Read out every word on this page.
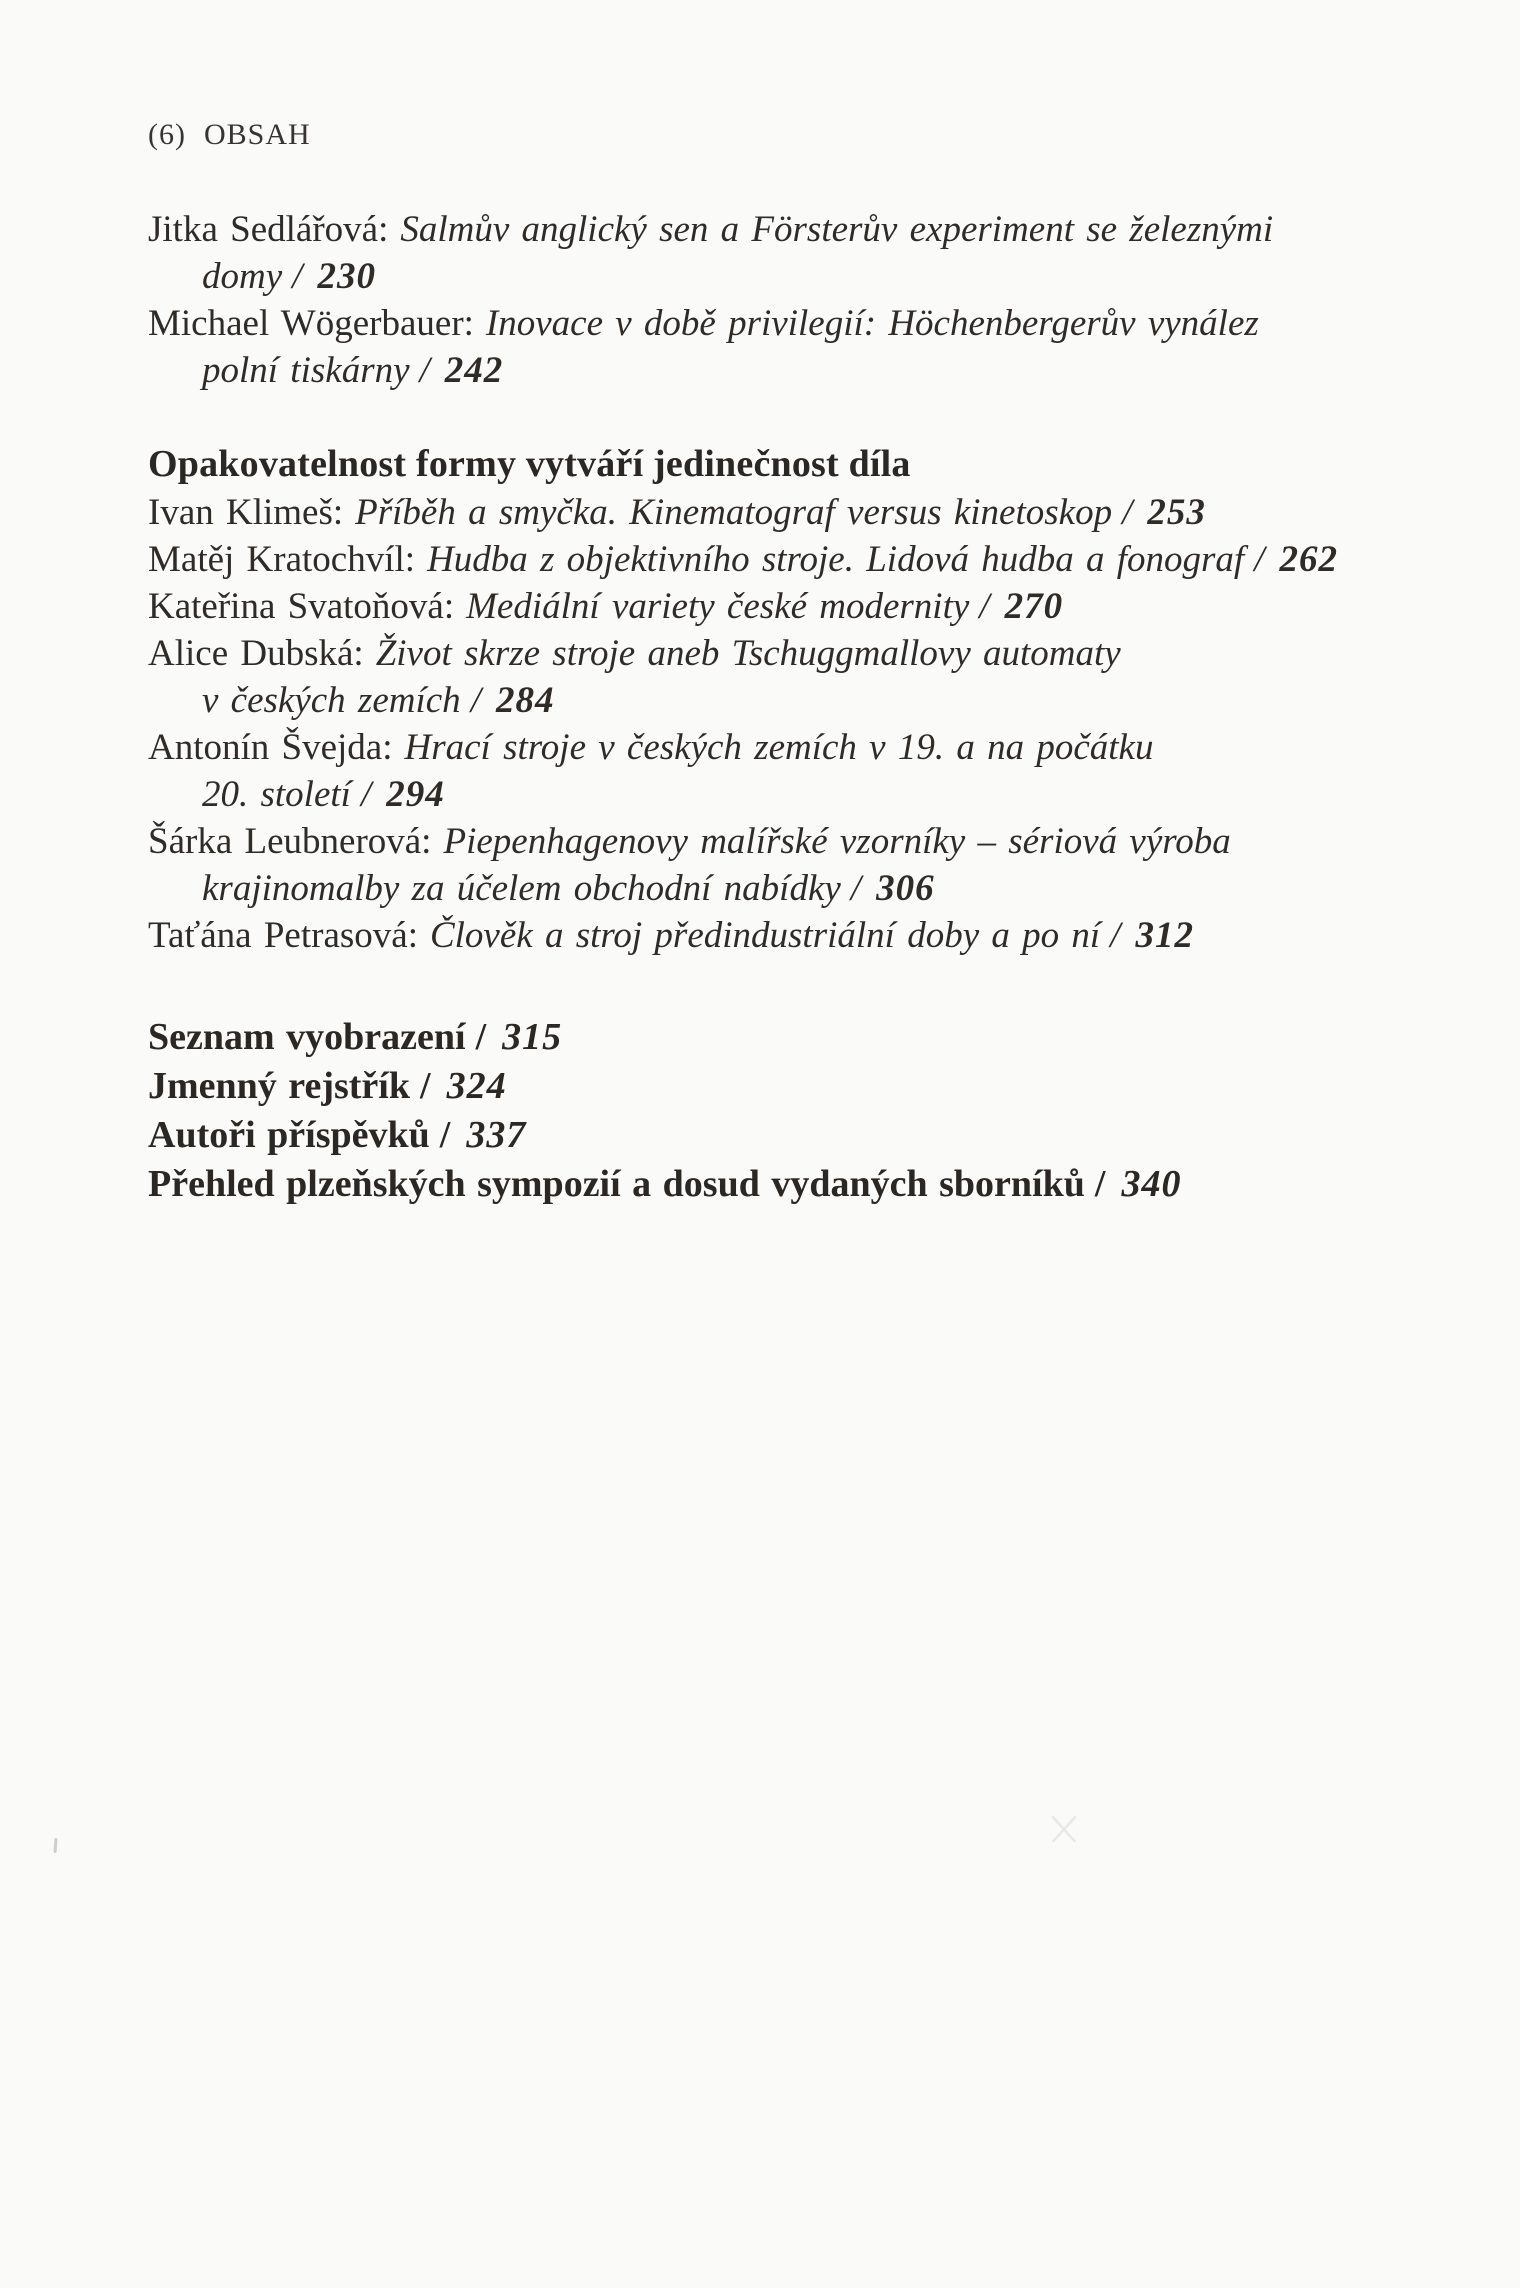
(6) OBSAH
Jitka Sedlářová: Salmův anglický sen a Försterův experiment se železnými
domy / 230
Michael Wögerbauer: Inovace v době privilegií: Höchenbergerův vynález
polní tiskárny / 242
Opakovatelnost formy vytváří jedinečnost díla
Ivan Klimeš: Příběh a smyčka. Kinematograf versus kinetoskop / 253
Matěj Kratochvíl: Hudba z objektivního stroje. Lidová hudba a fonograf / 262
Kateřina Svatoňová: Mediální variety české modernity / 270
Alice Dubská: Život skrze stroje aneb Tschuggmallovy automaty
v českých zemích / 284
Antonín Švejda: Hrací stroje v českých zemích v 19. a na počátku
20. století / 294
Šárka Leubnerová: Piepenhagenovy malířské vzorníky – sériová výroba
krajinomalby za účelem obchodní nabídky / 306
Taťána Petrasová: Člověk a stroj předindustriální doby a po ní / 312
Seznam vyobrazení / 315
Jmenný rejstřík / 324
Autoři příspěvků / 337
Přehled plzeňských sympozií a dosud vydaných sborníků / 340
